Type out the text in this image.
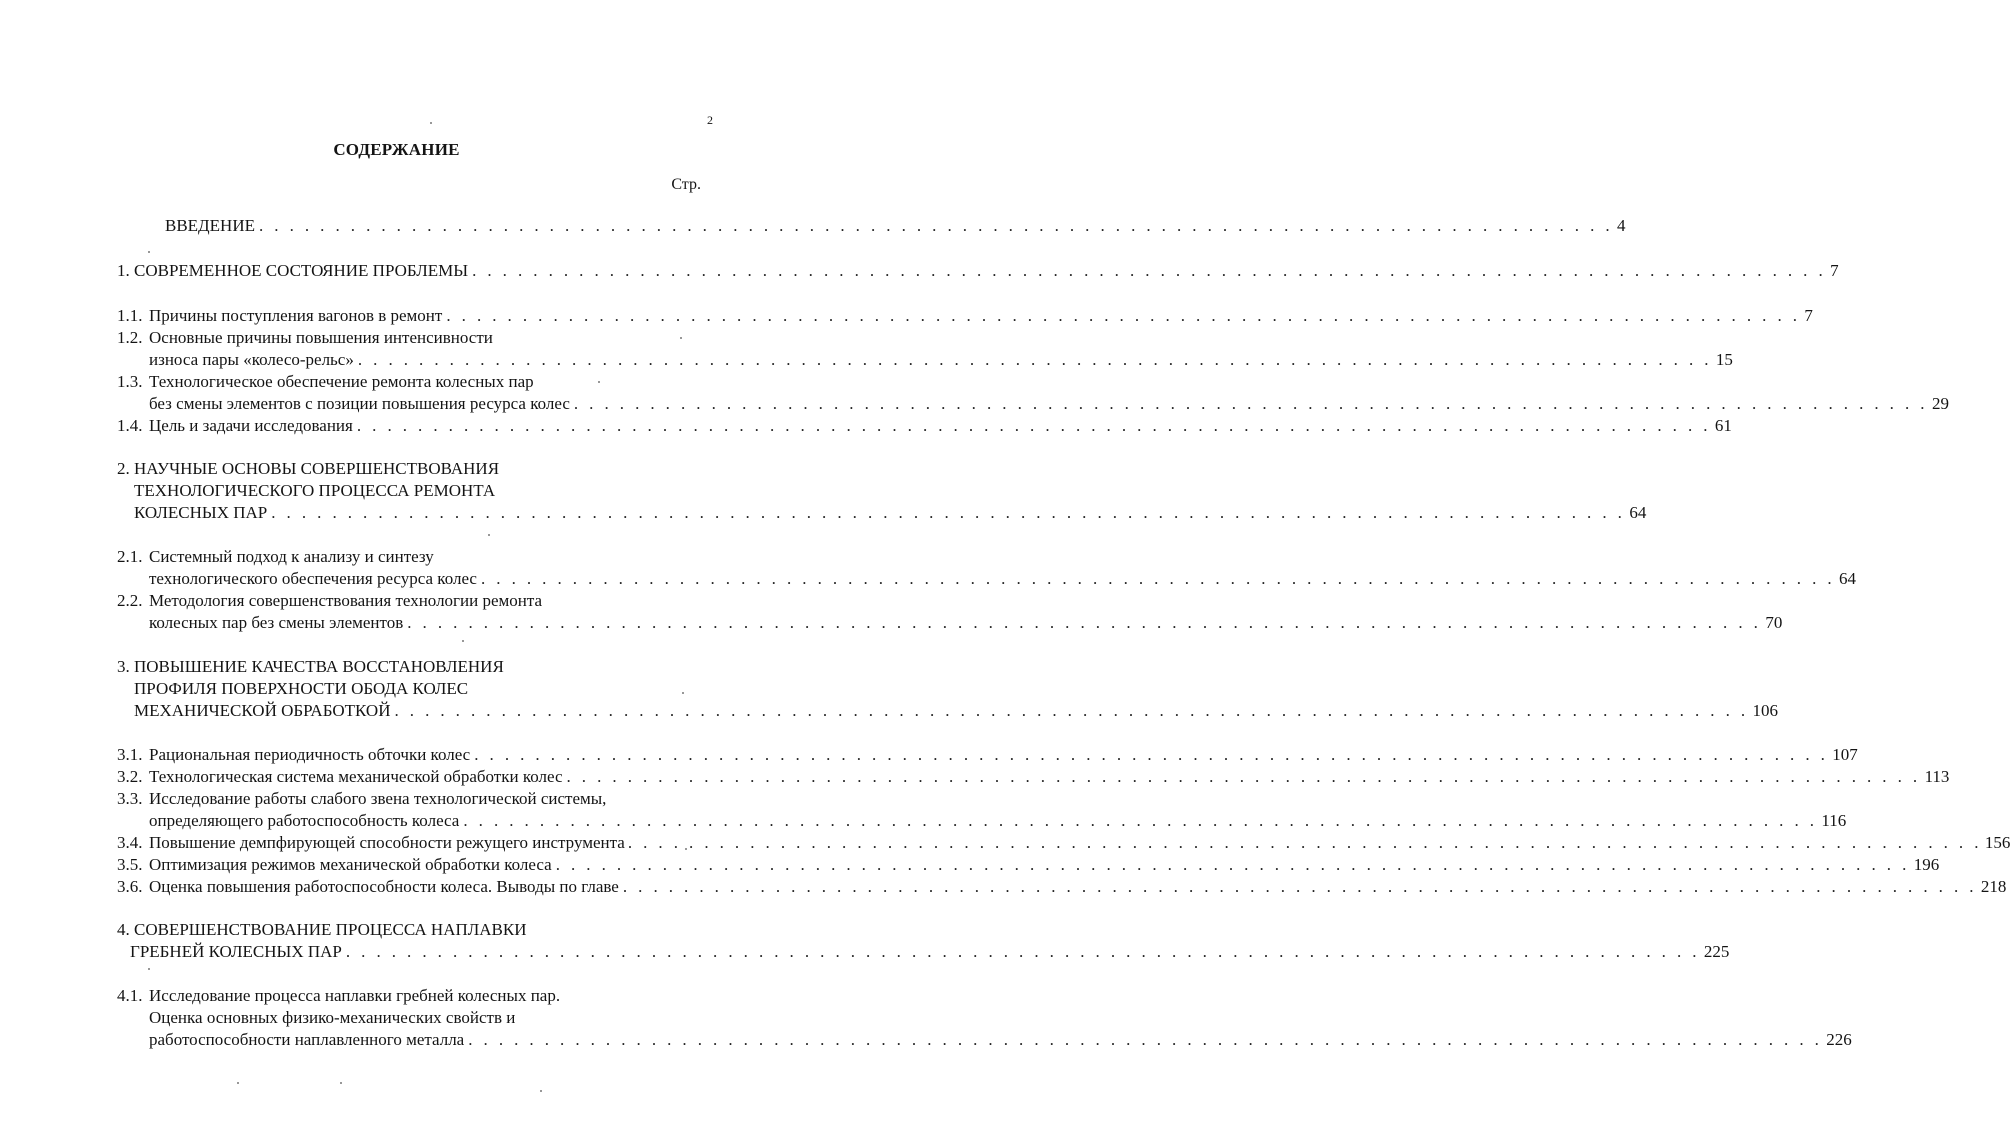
2
СОДЕРЖАНИЕ
Стр.
ВВЕДЕНИЕ . . .	4
1. СОВРЕМЕННОЕ СОСТОЯНИЕ ПРОБЛЕМЫ . . .	7
1.1. Причины поступления вагонов в ремонт . . .	7
1.2. Основные причины повышения интенсивности
износа пары «колесо-рельс» . . .	15
1.3. Технологическое обеспечение ремонта колесных пар
без смены элементов с позиции повышения ресурса колес . . .	29
1.4. Цель и задачи исследования . . .	61
2. НАУЧНЫЕ ОСНОВЫ СОВЕРШЕНСТВОВАНИЯ
ТЕХНОЛОГИЧЕСКОГО ПРОЦЕССА РЕМОНТА
КОЛЕСНЫХ ПАР . . .	64
2.1. Системный подход к анализу и синтезу
технологического обеспечения ресурса колес . . .	64
2.2. Методология совершенствования технологии ремонта
колесных пар без смены элементов . . .	70
3. ПОВЫШЕНИЕ КАЧЕСТВА ВОССТАНОВЛЕНИЯ
ПРОФИЛЯ ПОВЕРХНОСТИ ОБОДА КОЛЕС
МЕХАНИЧЕСКОЙ ОБРАБОТКОЙ . . .	106
3.1. Рациональная периодичность обточки колес . . .	107
3.2. Технологическая система механической обработки колес . . .	113
3.3. Исследование работы слабого звена технологической системы,
определяющего работоспособность колеса . . .	116
3.4. Повышение демпфирующей способности режущего инструмента . . .	156
3.5. Оптимизация режимов механической обработки колеса . . .	196
3.6. Оценка повышения работоспособности колеса. Выводы по главе . . .	218
4. СОВЕРШЕНСТВОВАНИЕ ПРОЦЕССА НАПЛАВКИ
ГРЕБНЕЙ КОЛЕСНЫХ ПАР . . .	225
4.1. Исследование процесса наплавки гребней колесных пар.
Оценка основных физико-механических свойств и
работоспособности наплавленного металла . . .	226
